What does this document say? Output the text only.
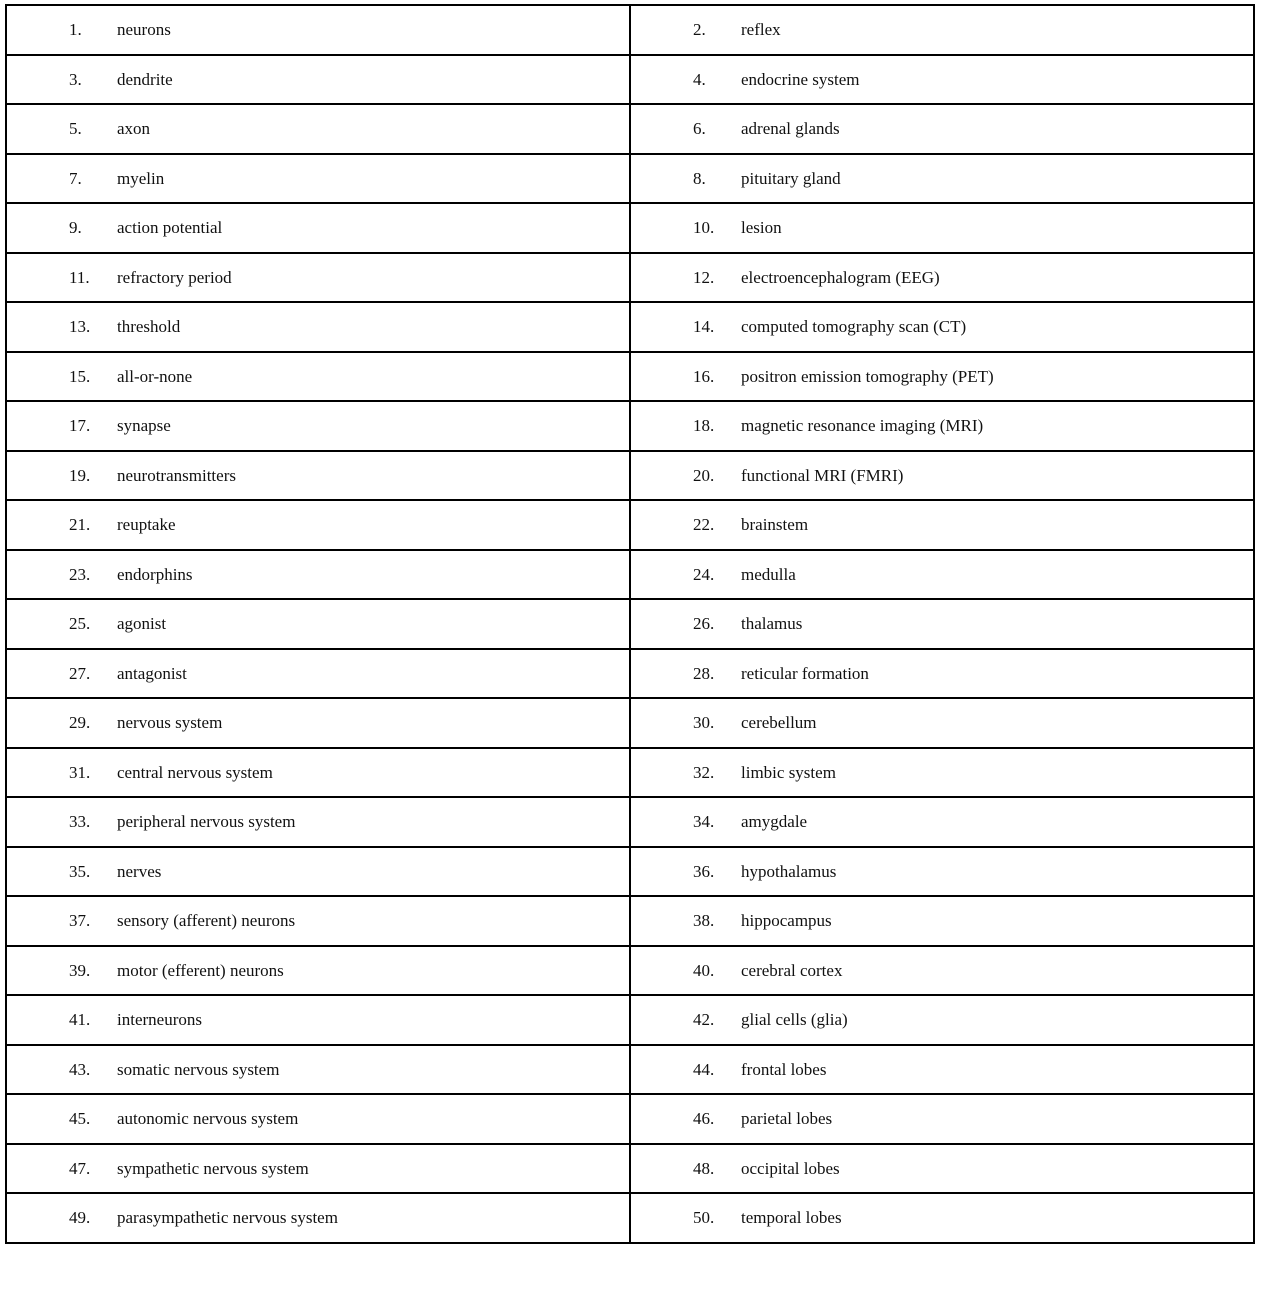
1. neurons	2. reflex

3. dendrite	4. endocrine system

5. axon	6. adrenal glands

7. myelin	8. pituitary gland

9. action potential	10. lesion

11. refractory period	12. electroencephalogram (EEG)

13. threshold	14. computed tomography scan (CT)

15. all-or-none	16. positron emission tomography (PET)

17. synapse	18. magnetic resonance imaging (MRI)

19. neurotransmitters	20. functional MRI (FMRI)

21. reuptake	22. brainstem

23. endorphins	24. medulla

25. agonist	26. thalamus

27. antagonist	28. reticular formation

29. nervous system	30. cerebellum

31. central nervous system	32. limbic system

33. peripheral nervous system	34. amygdale

35. nerves	36. hypothalamus

37. sensory (afferent) neurons	38. hippocampus

39. motor (efferent) neurons	40. cerebral cortex

41. interneurons	42. glial cells (glia)

43. somatic nervous system	44. frontal lobes

45. autonomic nervous system	46. parietal lobes

47. sympathetic nervous system	48. occipital lobes

49. parasympathetic nervous system	50. temporal lobes
